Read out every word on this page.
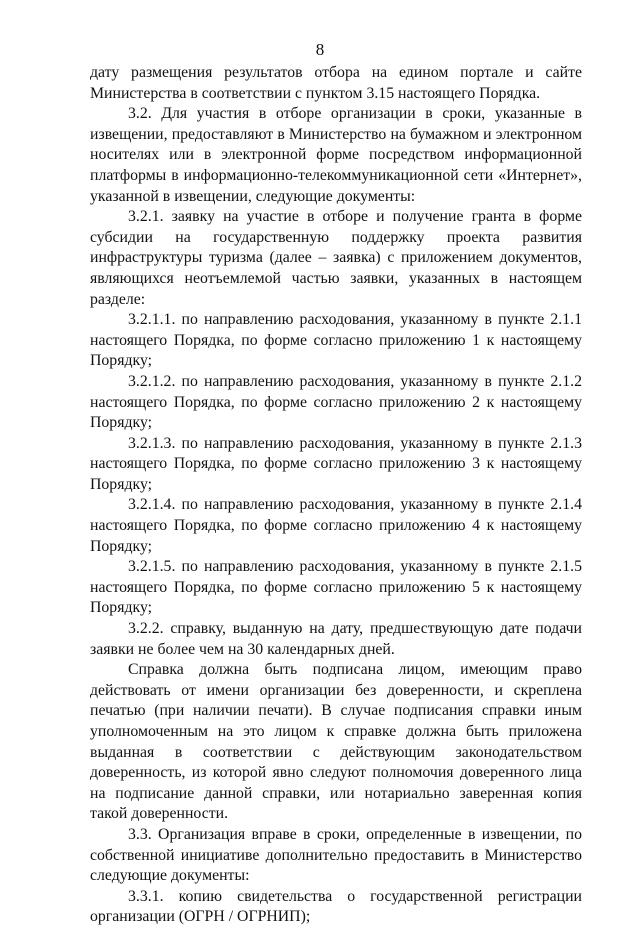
8

дату размещения результатов отбора на едином портале и сайте Министерства в соответствии с пунктом 3.15 настоящего Порядка.

3.2. Для участия в отборе организации в сроки, указанные в извещении, предоставляют в Министерство на бумажном и электронном носителях или в электронной форме посредством информационной платформы в информационно-телекоммуникационной сети «Интернет», указанной в извещении, следующие документы:

3.2.1. заявку на участие в отборе и получение гранта в форме субсидии на государственную поддержку проекта развития инфраструктуры туризма (далее – заявка) с приложением документов, являющихся неотъемлемой частью заявки, указанных в настоящем разделе:

3.2.1.1. по направлению расходования, указанному в пункте 2.1.1 настоящего Порядка, по форме согласно приложению 1 к настоящему Порядку;

3.2.1.2. по направлению расходования, указанному в пункте 2.1.2 настоящего Порядка, по форме согласно приложению 2 к настоящему Порядку;

3.2.1.3. по направлению расходования, указанному в пункте 2.1.3 настоящего Порядка, по форме согласно приложению 3 к настоящему Порядку;

3.2.1.4. по направлению расходования, указанному в пункте 2.1.4 настоящего Порядка, по форме согласно приложению 4 к настоящему Порядку;

3.2.1.5. по направлению расходования, указанному в пункте 2.1.5 настоящего Порядка, по форме согласно приложению 5 к настоящему Порядку;

3.2.2. справку, выданную на дату, предшествующую дате подачи заявки не более чем на 30 календарных дней.

Справка должна быть подписана лицом, имеющим право действовать от имени организации без доверенности, и скреплена печатью (при наличии печати). В случае подписания справки иным уполномоченным на это лицом к справке должна быть приложена выданная в соответствии с действующим законодательством доверенность, из которой явно следуют полномочия доверенного лица на подписание данной справки, или нотариально заверенная копия такой доверенности.

3.3. Организация вправе в сроки, определенные в извещении, по собственной инициативе дополнительно предоставить в Министерство следующие документы:

3.3.1. копию свидетельства о государственной регистрации организации (ОГРН / ОГРНИП);
